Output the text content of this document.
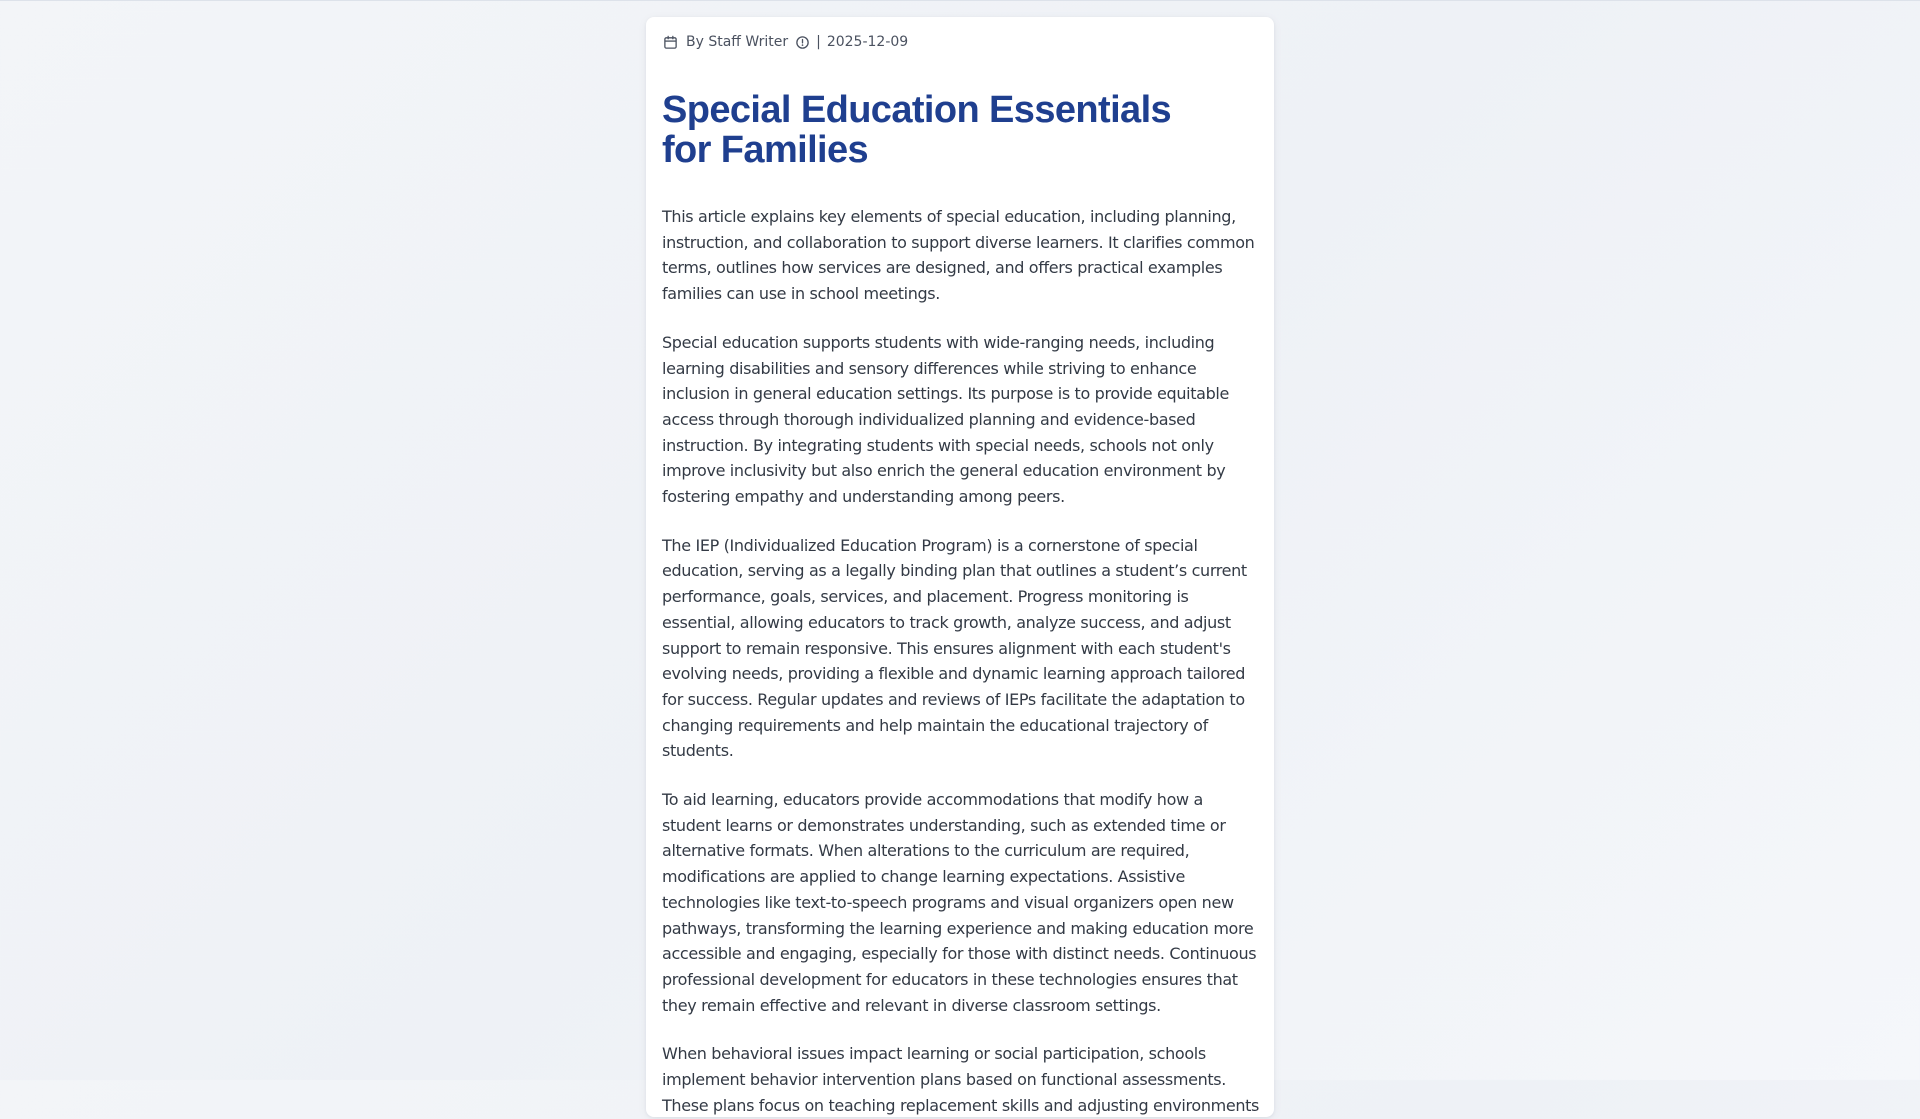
By Staff Writer | 2025-12-09
Special Education Essentials for Families

This article explains key elements of special education, including planning, instruction, and collaboration to support diverse learners. It clarifies common terms, outlines how services are designed, and offers practical examples families can use in school meetings.

Special education supports students with wide-ranging needs, including learning disabilities and sensory differences while striving to enhance inclusion in general education settings. Its purpose is to provide equitable access through thorough individualized planning and evidence-based instruction. By integrating students with special needs, schools not only improve inclusivity but also enrich the general education environment by fostering empathy and understanding among peers.

The IEP (Individualized Education Program) is a cornerstone of special education, serving as a legally binding plan that outlines a student’s current performance, goals, services, and placement. Progress monitoring is essential, allowing educators to track growth, analyze success, and adjust support to remain responsive. This ensures alignment with each student's evolving needs, providing a flexible and dynamic learning approach tailored for success. Regular updates and reviews of IEPs facilitate the adaptation to changing requirements and help maintain the educational trajectory of students.

To aid learning, educators provide accommodations that modify how a student learns or demonstrates understanding, such as extended time or alternative formats. When alterations to the curriculum are required, modifications are applied to change learning expectations. Assistive technologies like text-to-speech programs and visual organizers open new pathways, transforming the learning experience and making education more accessible and engaging, especially for those with distinct needs. Continuous professional development for educators in these technologies ensures that they remain effective and relevant in diverse classroom settings.

When behavioral issues impact learning or social participation, schools implement behavior intervention plans based on functional assessments. These plans focus on teaching replacement skills and adjusting environments
